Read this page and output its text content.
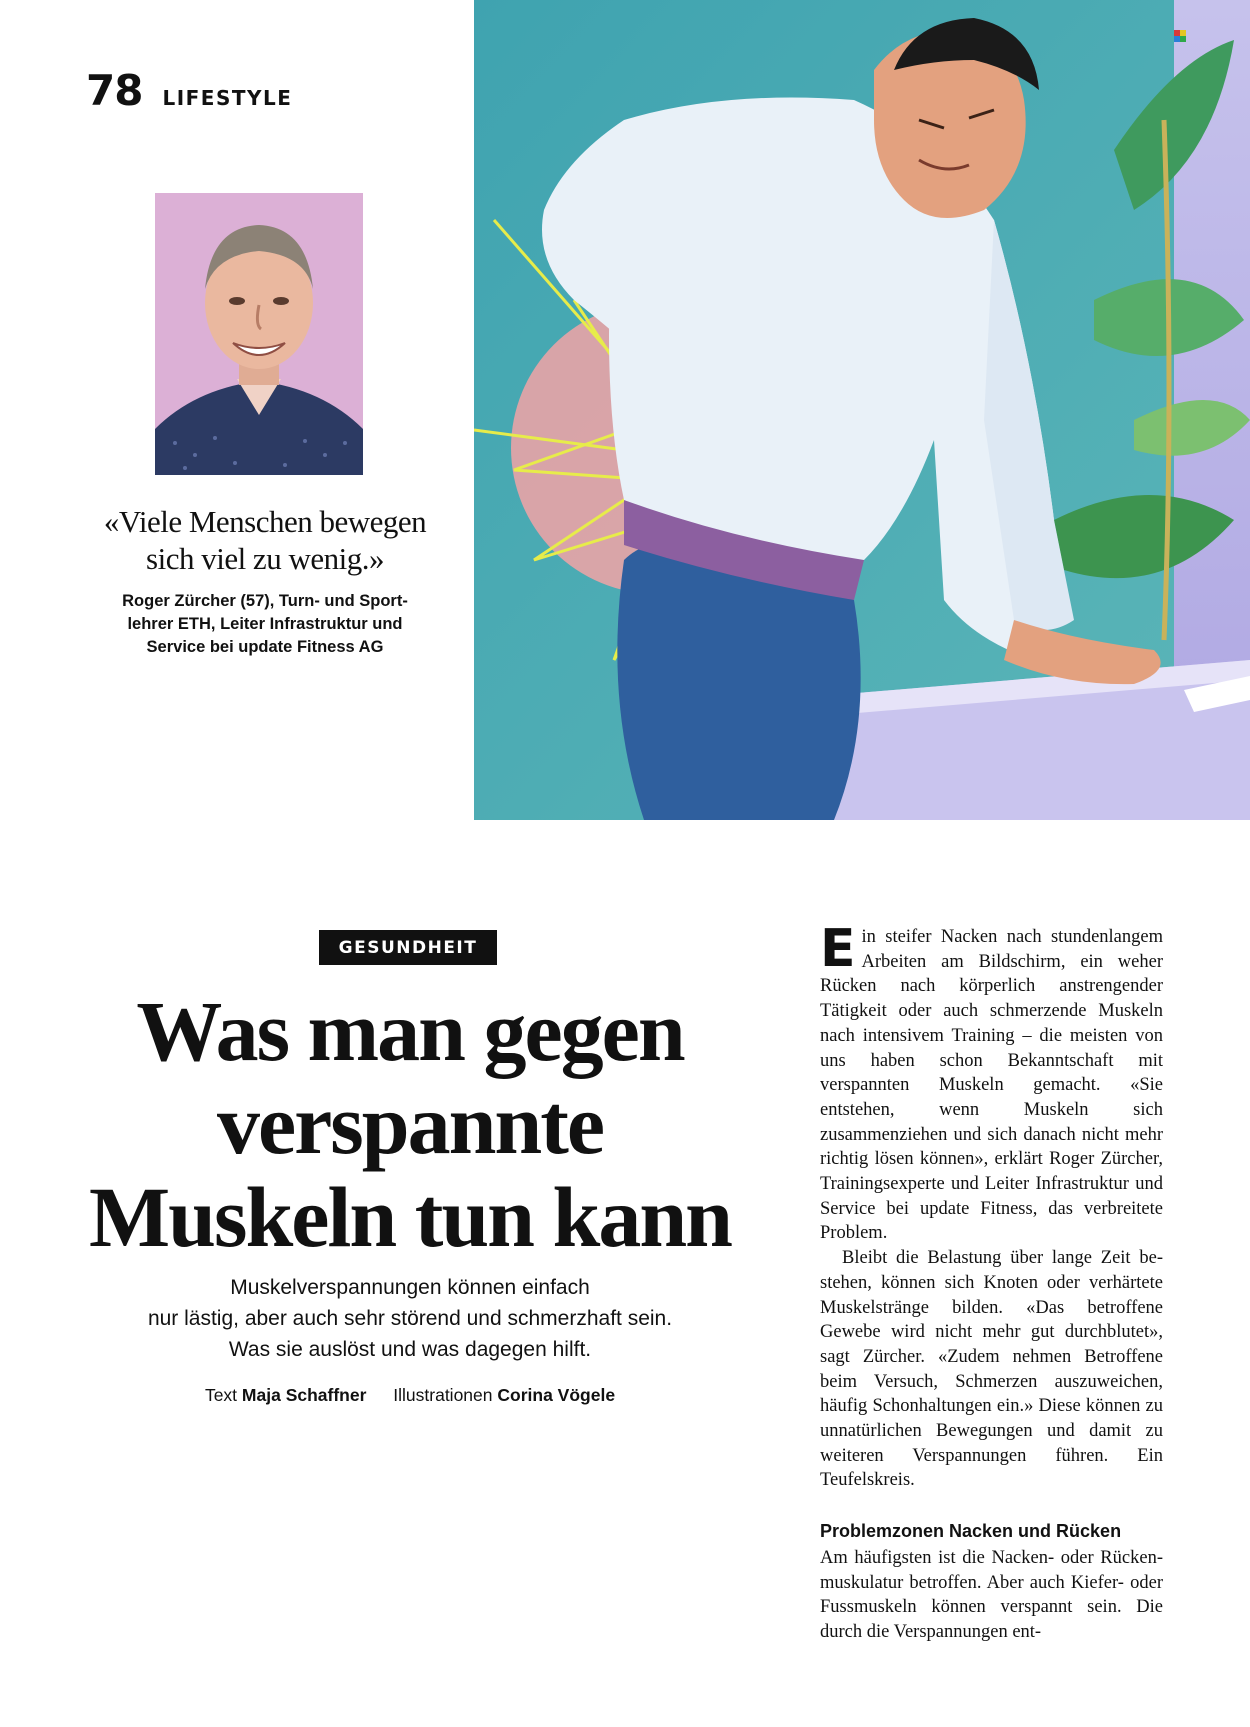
78 LIFESTYLE
«Viele Menschen bewegen
sich viel zu wenig.»
Roger Zürcher (57), Turn- und Sport-
lehrer ETH, Leiter Infrastruktur und
Service bei update Fitness AG
GESUNDHEIT
Was man gegen
verspannte
Muskeln tun kann
Muskelverspannungen können einfach
nur lästig, aber auch sehr störend und schmerzhaft sein.
Was sie auslöst und was dagegen hilft.
Text Maja Schaffner Illustrationen Corina Vögele

Ein steifer Nacken nach stundenlangem Arbeiten am Bildschirm, ein weher Rücken nach körperlich anstrengender Tätigkeit oder auch schmerzende Muskeln nach intensivem Training – die meisten von uns haben schon Bekanntschaft mit verspannten Muskeln gemacht. «Sie entstehen, wenn Muskeln sich zusammenziehen und sich danach nicht mehr richtig lösen können», erklärt Roger Zürcher, Trainingsexperte und Leiter Infrastruktur und Service bei update Fitness, das verbreitete Problem.

Bleibt die Belastung über lange Zeit bestehen, können sich Knoten oder verhärtete Muskelstränge bilden. «Das betroffene Gewebe wird nicht mehr gut durchblutet», sagt Zürcher. «Zudem nehmen Betroffene beim Versuch, Schmerzen auszuweichen, häufig Schonhaltungen ein.» Diese können zu unnatürlichen Bewegungen und damit zu weiteren Verspannungen führen. Ein Teufelskreis.

Problemzonen Nacken und Rücken

Am häufigsten ist die Nacken- oder Rückenmuskulatur betroffen. Aber auch Kiefer- oder Fussmuskeln können verspannt sein. Die durch die Verspannungen ent-
